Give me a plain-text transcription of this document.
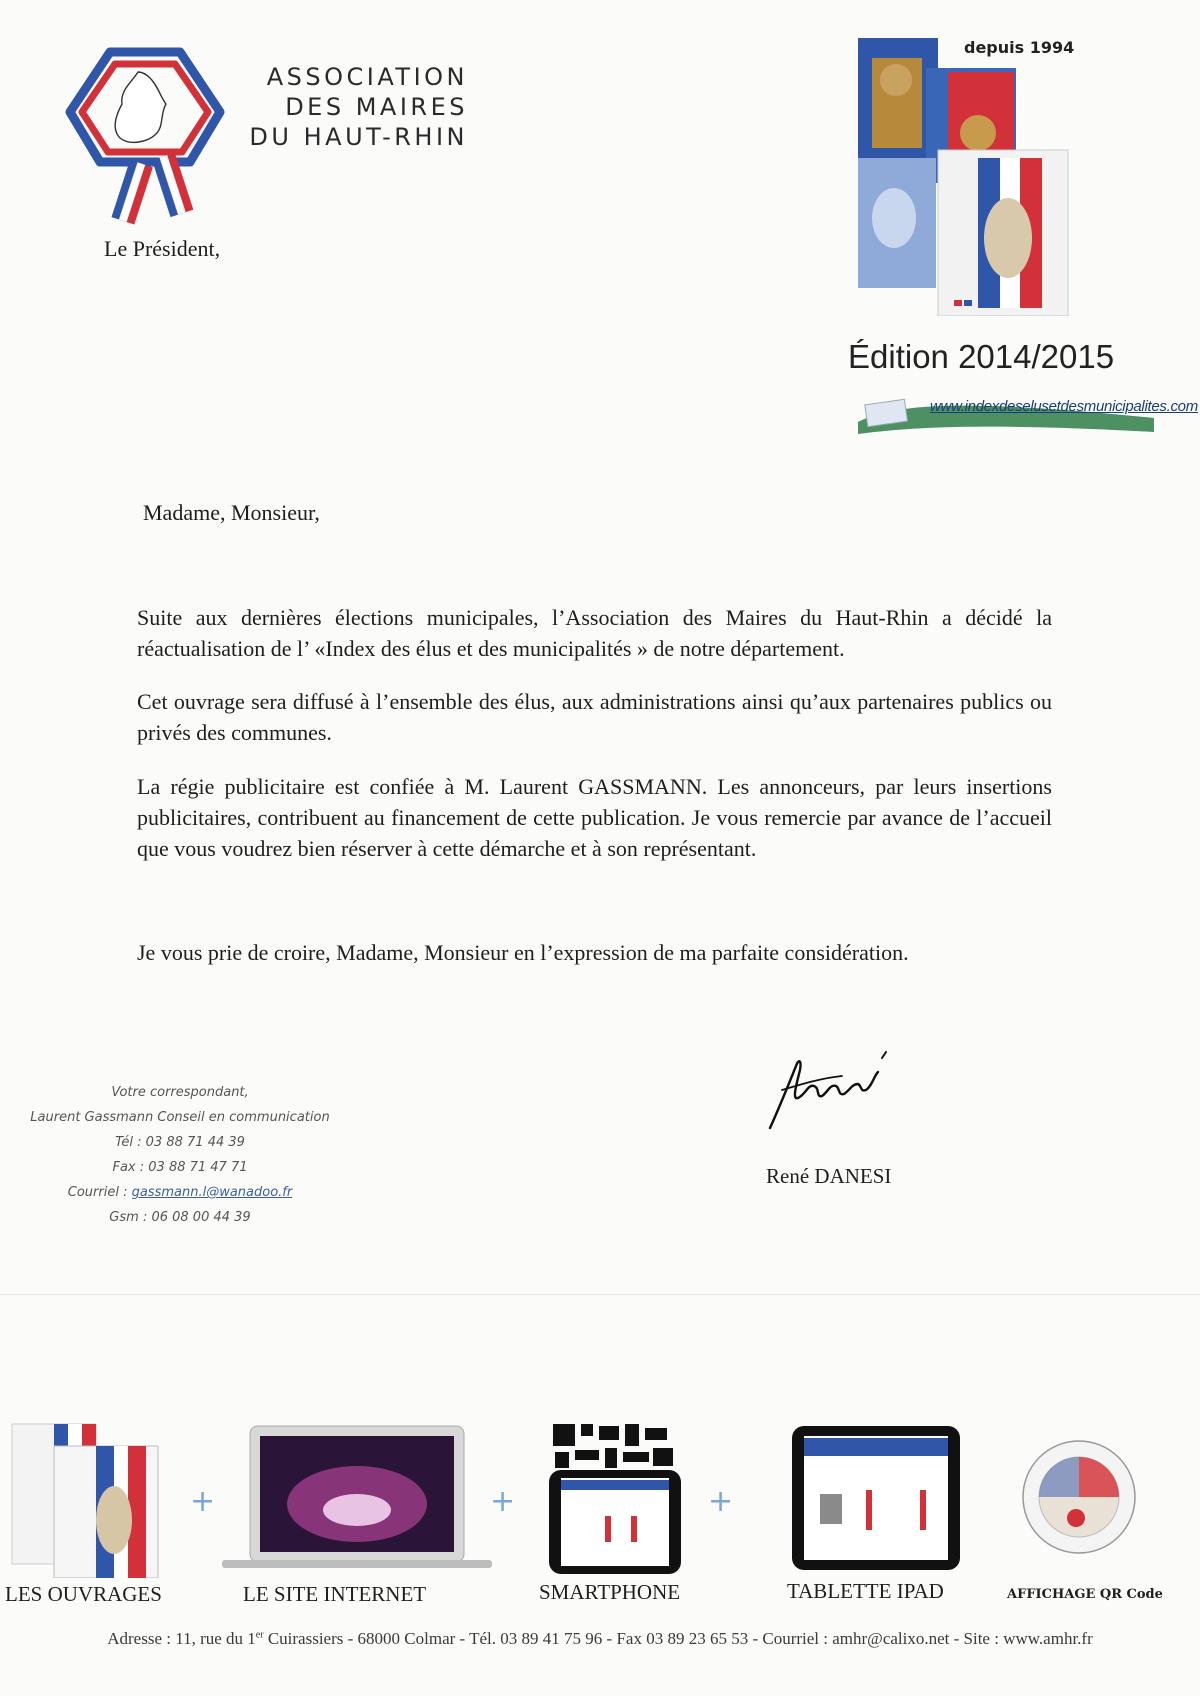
ASSOCIATION
DES MAIRES
DU HAUT-RHIN
Le Président,
depuis 1994
Édition 2014/2015
www.indexdeselusetdesmunicipalites.com
Madame, Monsieur,
Suite aux dernières élections municipales, l’Association des Maires du Haut-Rhin a décidé la réactualisation de l’ «Index des élus et des municipalités » de notre département.
Cet ouvrage sera diffusé à l’ensemble des élus, aux administrations ainsi qu’aux partenaires publics ou privés des communes.
La régie publicitaire est confiée à M. Laurent GASSMANN. Les annonceurs, par leurs insertions publicitaires, contribuent au financement de cette publication. Je vous remercie par avance de l’accueil que vous voudrez bien réserver à cette démarche et à son représentant.
Je vous prie de croire, Madame, Monsieur en l’expression de ma parfaite considération.
Votre correspondant,
Laurent Gassmann Conseil en communication
Tél : 03 88 71 44 39
Fax : 03 88 71 47 71
Courriel : gassmann.l@wanadoo.fr
Gsm : 06 08 00 44 39
René DANESI
+	+	+
LES OUVRAGES	LE SITE INTERNET	SMARTPHONE	TABLETTE IPAD	AFFICHAGE QR Code
Adresse : 11, rue du 1er Cuirassiers - 68000 Colmar - Tél. 03 89 41 75 96 - Fax 03 89 23 65 53 - Courriel : amhr@calixo.net - Site : www.amhr.fr
